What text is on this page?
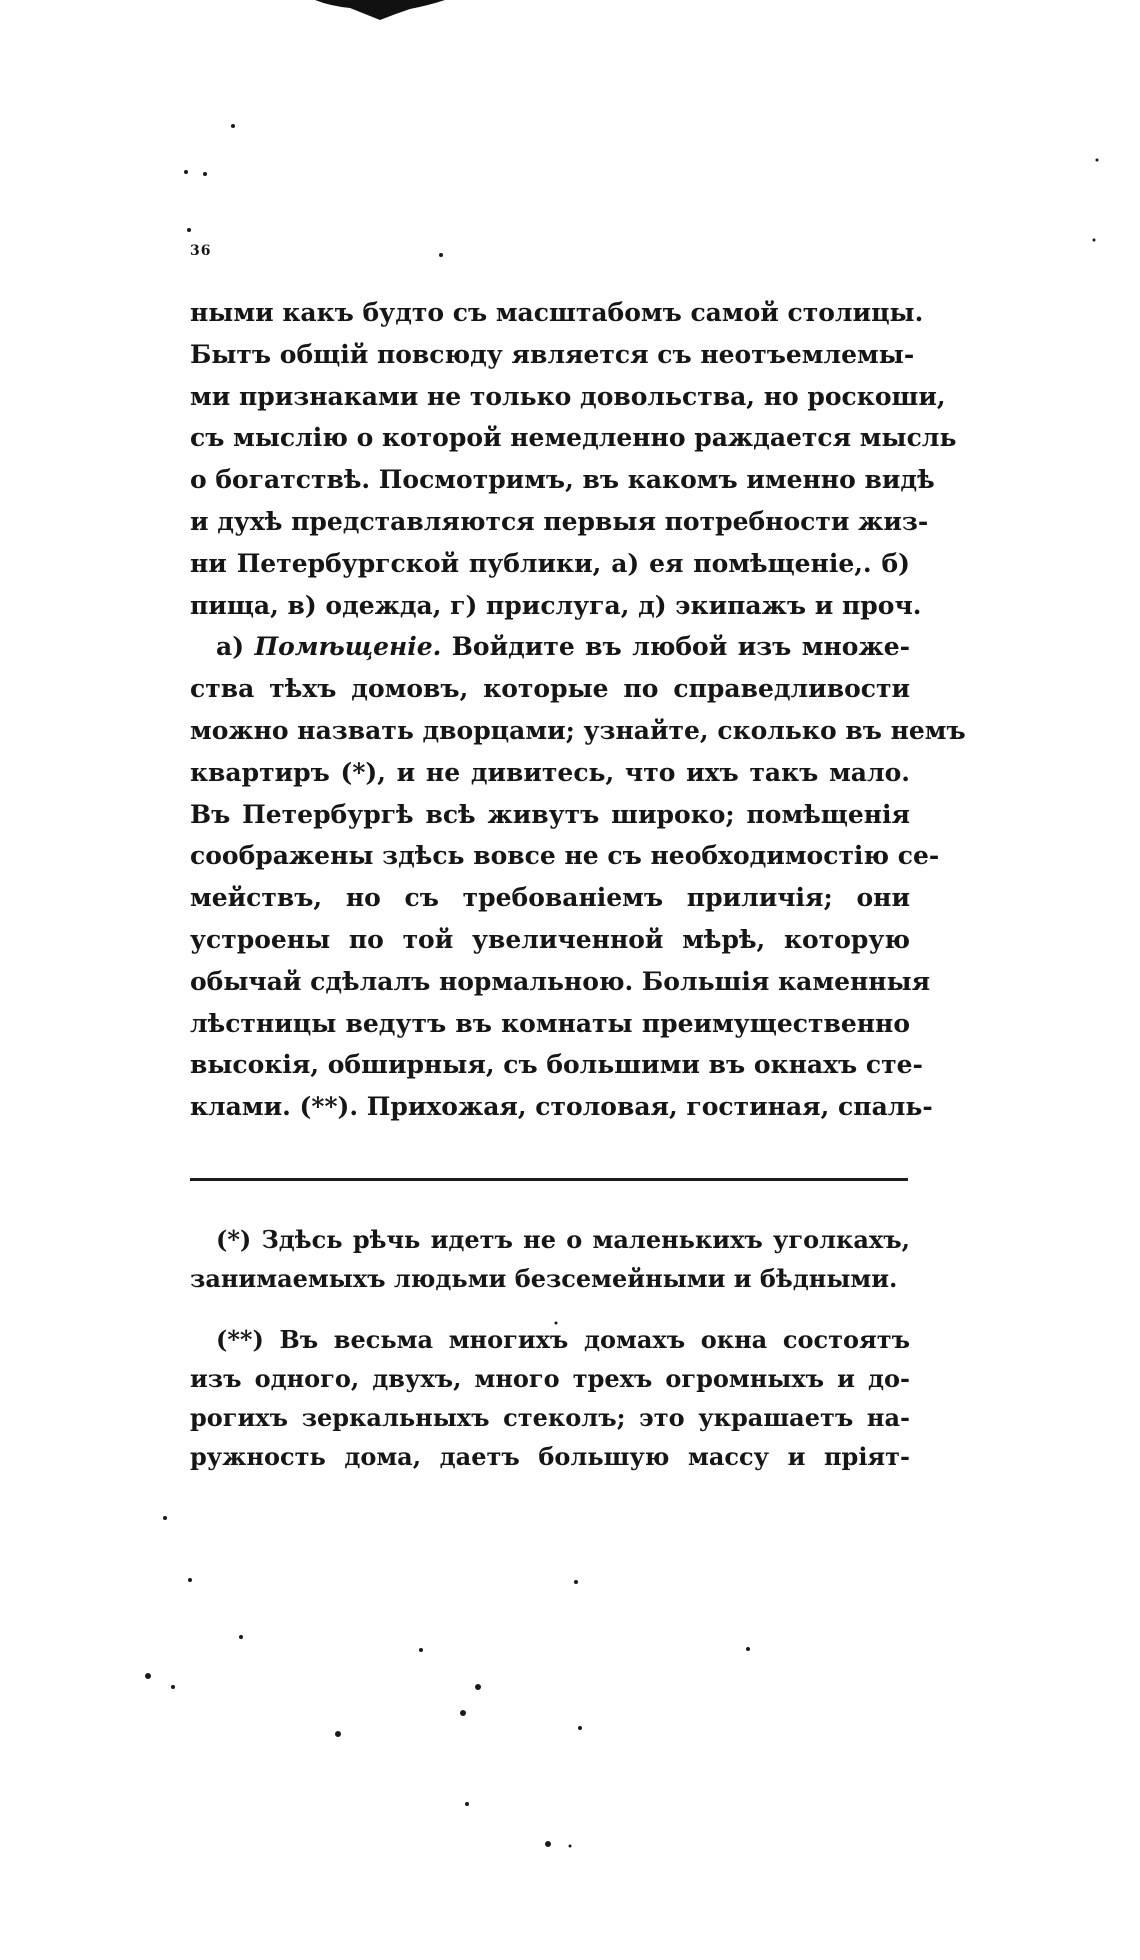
36
ными какъ будто съ масштабомъ самой столицы.
Бытъ общій повсюду является съ неотъемлемы-
ми признаками не только довольства, но роскоши,
съ мыслію о которой немедленно раждается мысль
о богатствѣ. Посмотримъ, въ какомъ именно видѣ
и духѣ представляются первыя потребности жиз-
ни Петербургской публики, а) ея помѣщеніе,. б)
пища, в) одежда, г) прислуга, д) экипажъ и проч.
а) Помѣщеніе. Войдите въ любой изъ множе-
ства тѣхъ домовъ, которые по справедливости
можно назвать дворцами; узнайте, сколько въ немъ
квартиръ (*), и не дивитесь, что ихъ такъ мало.
Въ Петербургѣ всѣ живутъ широко; помѣщенія
соображены здѣсь вовсе не съ необходимостію се-
мействъ, но съ требованіемъ приличія; они
устроены по той увеличенной мѣрѣ, которую
обычай сдѣлалъ нормальною. Большія каменныя
лѣстницы ведутъ въ комнаты преимущественно
высокія, обширныя, съ большими въ окнахъ сте-
клами. (**). Прихожая, столовая, гостиная, спаль-
(*) Здѣсь рѣчь идетъ не о маленькихъ уголкахъ,
занимаемыхъ людьми безсемейными и бѣдными.
(**) Въ весьма многихъ домахъ окна состоятъ
изъ одного, двухъ, много трехъ огромныхъ и до-
рогихъ зеркальныхъ стеколъ; это украшаетъ на-
ружность дома, даетъ большую массу и пріят-
